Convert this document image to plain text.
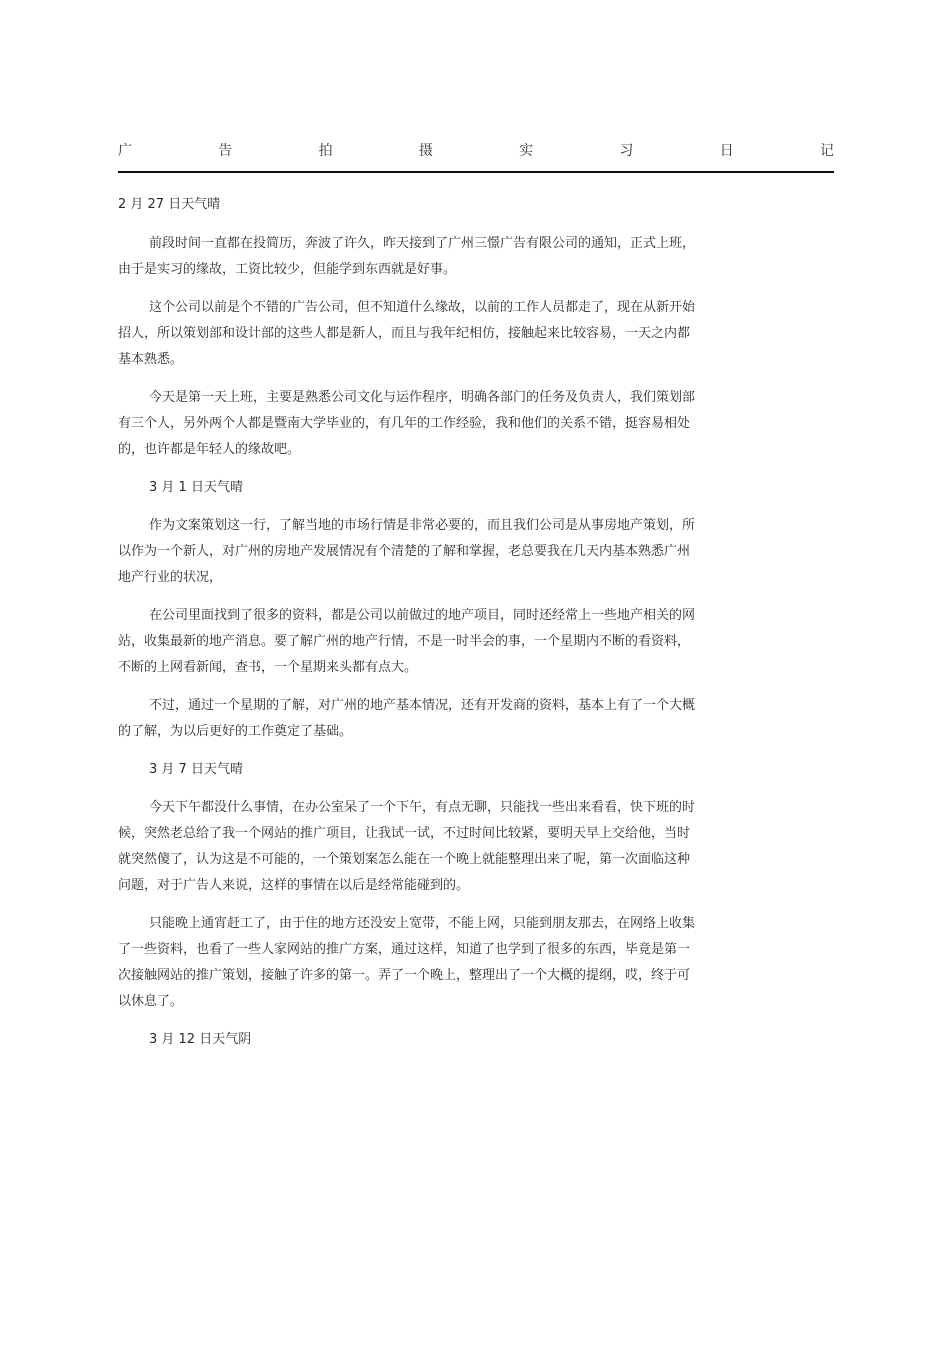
广	告	拍	摄	实	习	日	记
2 月 27 日天气晴
前段时间一直都在投简历，奔波了许久，昨天接到了广州三憬广告有限公司的通知，正式上班，
由于是实习的缘故，工资比较少，但能学到东西就是好事。
这个公司以前是个不错的广告公司，但不知道什么缘故，以前的工作人员都走了，现在从新开始
招人，所以策划部和设计部的这些人都是新人，而且与我年纪相仿，接触起来比较容易，一天之内都
基本熟悉。
今天是第一天上班，主要是熟悉公司文化与运作程序，明确各部门的任务及负责人，我们策划部
有三个人，另外两个人都是暨南大学毕业的，有几年的工作经验，我和他们的关系不错，挺容易相处
的，也许都是年轻人的缘故吧。
3 月 1 日天气晴
作为文案策划这一行，了解当地的市场行情是非常必要的，而且我们公司是从事房地产策划，所
以作为一个新人，对广州的房地产发展情况有个清楚的了解和掌握，老总要我在几天内基本熟悉广州
地产行业的状况，
在公司里面找到了很多的资料，都是公司以前做过的地产项目，同时还经常上一些地产相关的网
站，收集最新的地产消息。要了解广州的地产行情，不是一时半会的事，一个星期内不断的看资料，
不断的上网看新闻，查书，一个星期来头都有点大。
不过，通过一个星期的了解，对广州的地产基本情况，还有开发商的资料，基本上有了一个大概
的了解，为以后更好的工作奠定了基础。
3 月 7 日天气晴
今天下午都没什么事情，在办公室呆了一个下午，有点无聊，只能找一些出来看看，快下班的时
候，突然老总给了我一个网站的推广项目，让我试一试，不过时间比较紧，要明天早上交给他，当时
就突然傻了，认为这是不可能的，一个策划案怎么能在一个晚上就能整理出来了呢，第一次面临这种
问题，对于广告人来说，这样的事情在以后是经常能碰到的。
只能晚上通宵赶工了，由于住的地方还没安上宽带，不能上网，只能到朋友那去，在网络上收集
了一些资料，也看了一些人家网站的推广方案，通过这样，知道了也学到了很多的东西，毕竟是第一
次接触网站的推广策划，接触了许多的第一。弄了一个晚上，整理出了一个大概的提纲，哎，终于可
以休息了。
3 月 12 日天气阴
